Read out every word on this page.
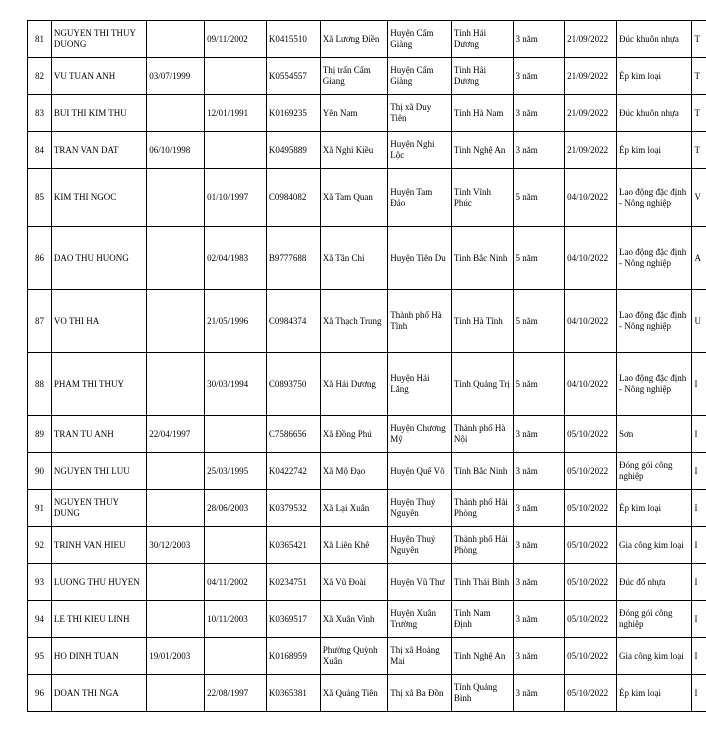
81	NGUYEN THI THUY DUONG		09/11/2002	K0415510	Xã Lương Điền	Huyện Cẩm Giàng	Tỉnh Hải Dương	3 năm	21/09/2022	Đúc khuôn nhựa	T
82	VU TUAN ANH	03/07/1999		K0554557	Thị trấn Cẩm Giang	Huyện Cẩm Giàng	Tỉnh Hải Dương	3 năm	21/09/2022	Ép kim loại	T
83	BUI THI KIM THU		12/01/1991	K0169235	Yên Nam	Thị xã Duy Tiên	Tỉnh Hà Nam	3 năm	21/09/2022	Đúc khuôn nhựa	T
84	TRAN VAN DAT	06/10/1998		K0495889	Xã Nghi Kiều	Huyện Nghi Lộc	Tỉnh Nghệ An	3 năm	21/09/2022	Ép kim loại	T
85	KIM THI NGOC		01/10/1997	C0984082	Xã Tam Quan	Huyện Tam Đảo	Tỉnh Vĩnh Phúc	5 năm	04/10/2022	Lao động đặc định - Nông nghiệp	V
86	DAO THU HUONG		02/04/1983	B9777688	Xã Tân Chi	Huyện Tiên Du	Tỉnh Bắc Ninh	5 năm	04/10/2022	Lao động đặc định - Nông nghiệp	A
87	VO THI HA		21/05/1996	C0984374	Xã Thạch Trung	Thành phố Hà Tĩnh	Tỉnh Hà Tĩnh	5 năm	04/10/2022	Lao động đặc định - Nông nghiệp	U
88	PHAM THI THUY		30/03/1994	C0893750	Xã Hải Dương	Huyện Hải Lăng	Tỉnh Quảng Trị	5 năm	04/10/2022	Lao động đặc định - Nông nghiệp	I
89	TRAN TU ANH	22/04/1997		C7586656	Xã Đồng Phú	Huyện Chương Mỹ	Thành phố Hà Nội	3 năm	05/10/2022	Sơn	I
90	NGUYEN THI LUU		25/03/1995	K0422742	Xã Mộ Đạo	Huyện Quế Võ	Tỉnh Bắc Ninh	3 năm	05/10/2022	Đóng gói công nghiệp	I
91	NGUYEN THUY DUNG		28/06/2003	K0379532	Xã Lại Xuân	Huyện Thuỷ Nguyên	Thành phố Hải Phòng	3 năm	05/10/2022	Ép kim loại	I
92	TRINH VAN HIEU	30/12/2003		K0365421	Xã Liên Khê	Huyện Thuỷ Nguyên	Thành phố Hải Phòng	3 năm	05/10/2022	Gia công kim loại	I
93	LUONG THU HUYEN		04/11/2002	K0234751	Xã Vũ Đoài	Huyện Vũ Thư	Tỉnh Thái Bình	3 năm	05/10/2022	Đúc đổ nhựa	I
94	LE THI KIEU LINH		10/11/2003	K0369517	Xã Xuân Vinh	Huyện Xuân Trường	Tỉnh Nam Định	3 năm	05/10/2022	Đóng gói công nghiệp	I
95	HO DINH TUAN	19/01/2003		K0168959	Phường Quỳnh Xuân	Thị xã Hoàng Mai	Tỉnh Nghệ An	3 năm	05/10/2022	Gia công kim loại	I
96	DOAN THI NGA		22/08/1997	K0365381	Xã Quảng Tiên	Thị xã Ba Đồn	Tỉnh Quảng Bình	3 năm	05/10/2022	Ép kim loại	I
